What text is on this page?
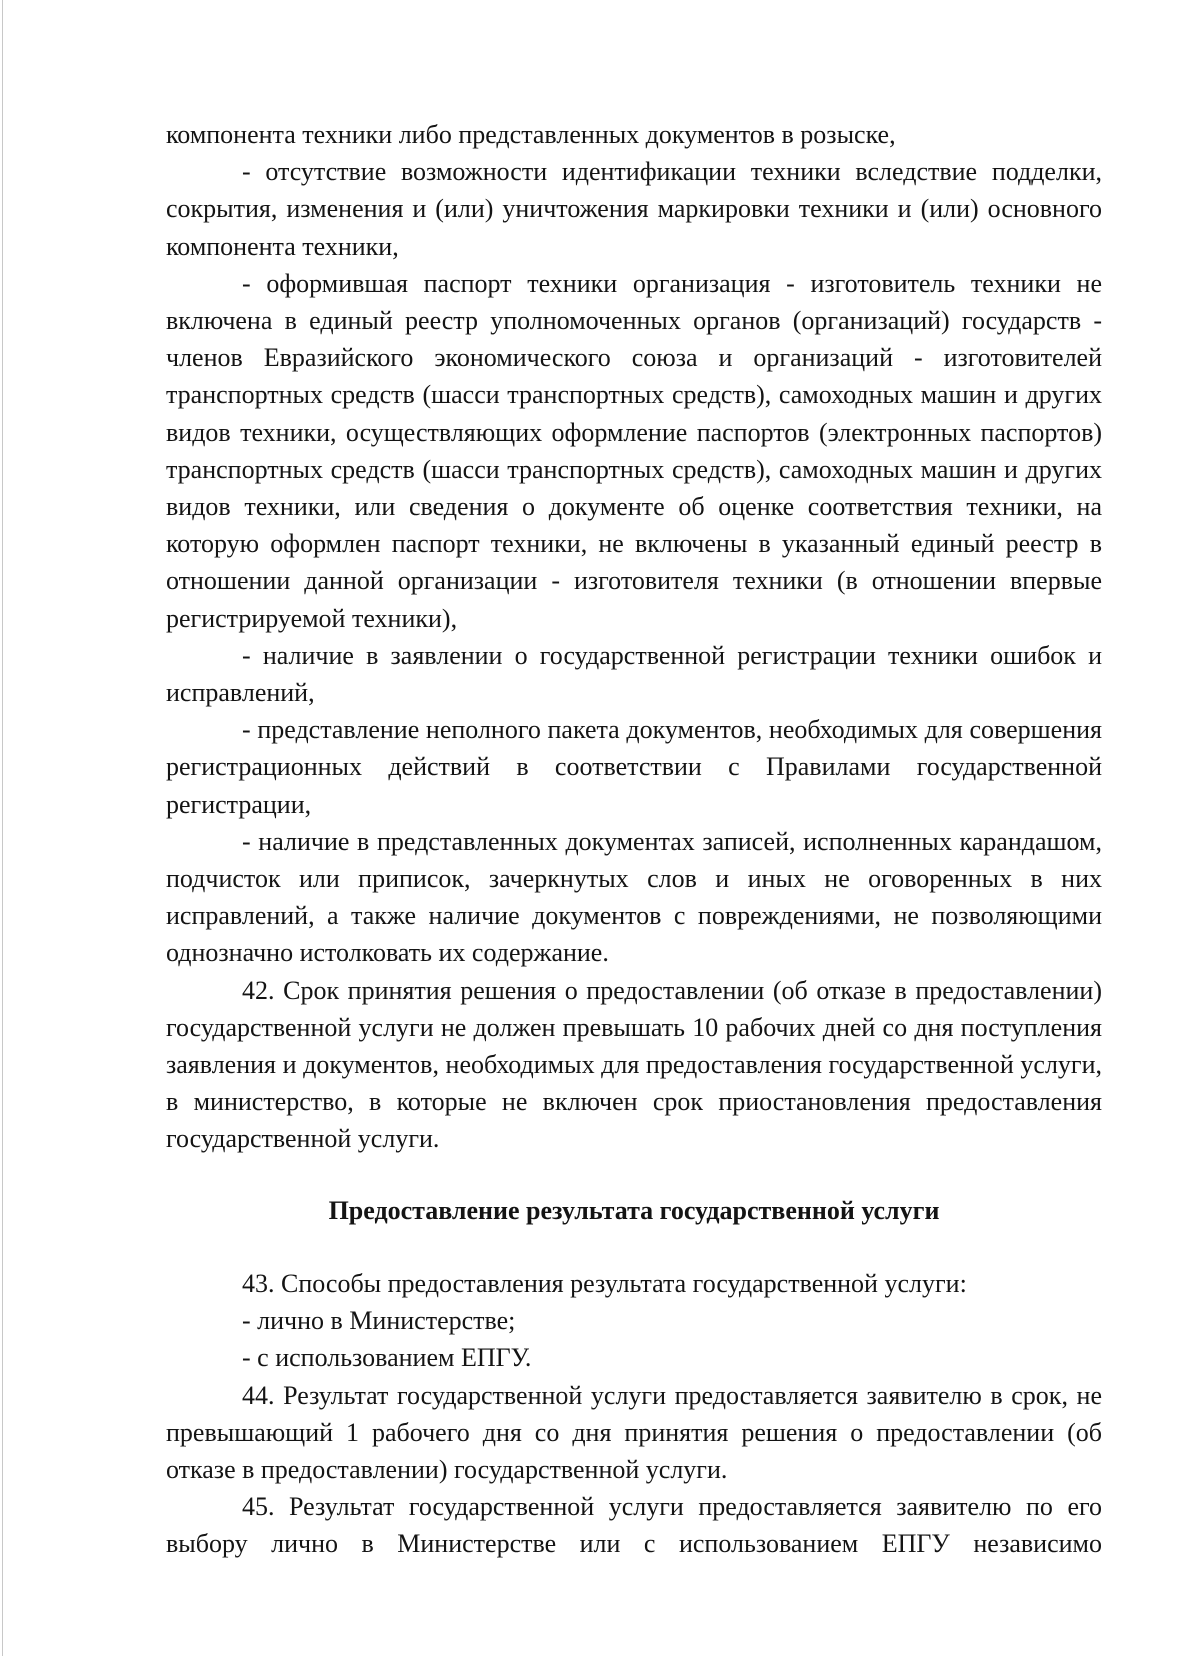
компонента техники либо представленных документов в розыске,

- отсутствие возможности идентификации техники вследствие подделки, сокрытия, изменения и (или) уничтожения маркировки техники и (или) основного компонента техники,

- оформившая паспорт техники организация - изготовитель техники не включена в единый реестр уполномоченных органов (организаций) государств - членов Евразийского экономического союза и организаций - изготовителей транспортных средств (шасси транспортных средств), самоходных машин и других видов техники, осуществляющих оформление паспортов (электронных паспортов) транспортных средств (шасси транспортных средств), самоходных машин и других видов техники, или сведения о документе об оценке соответствия техники, на которую оформлен паспорт техники, не включены в указанный единый реестр в отношении данной организации - изготовителя техники (в отношении впервые регистрируемой техники),

- наличие в заявлении о государственной регистрации техники ошибок и исправлений,

- представление неполного пакета документов, необходимых для совершения регистрационных действий в соответствии с Правилами государственной регистрации,

- наличие в представленных документах записей, исполненных карандашом, подчисток или приписок, зачеркнутых слов и иных не оговоренных в них исправлений, а также наличие документов с повреждениями, не позволяющими однозначно истолковать их содержание.

42. Срок принятия решения о предоставлении (об отказе в предоставлении) государственной услуги не должен превышать 10 рабочих дней со дня поступления заявления и документов, необходимых для предоставления государственной услуги, в министерство, в которые не включен срок приостановления предоставления государственной услуги.

Предоставление результата государственной услуги

43. Способы предоставления результата государственной услуги:

- лично в Министерстве;

- с использованием ЕПГУ.

44. Результат государственной услуги предоставляется заявителю в срок, не превышающий 1 рабочего дня со дня принятия решения о предоставлении (об отказе в предоставлении) государственной услуги.

45. Результат государственной услуги предоставляется заявителю по его выбору лично в Министерстве или с использованием ЕПГУ независимо
